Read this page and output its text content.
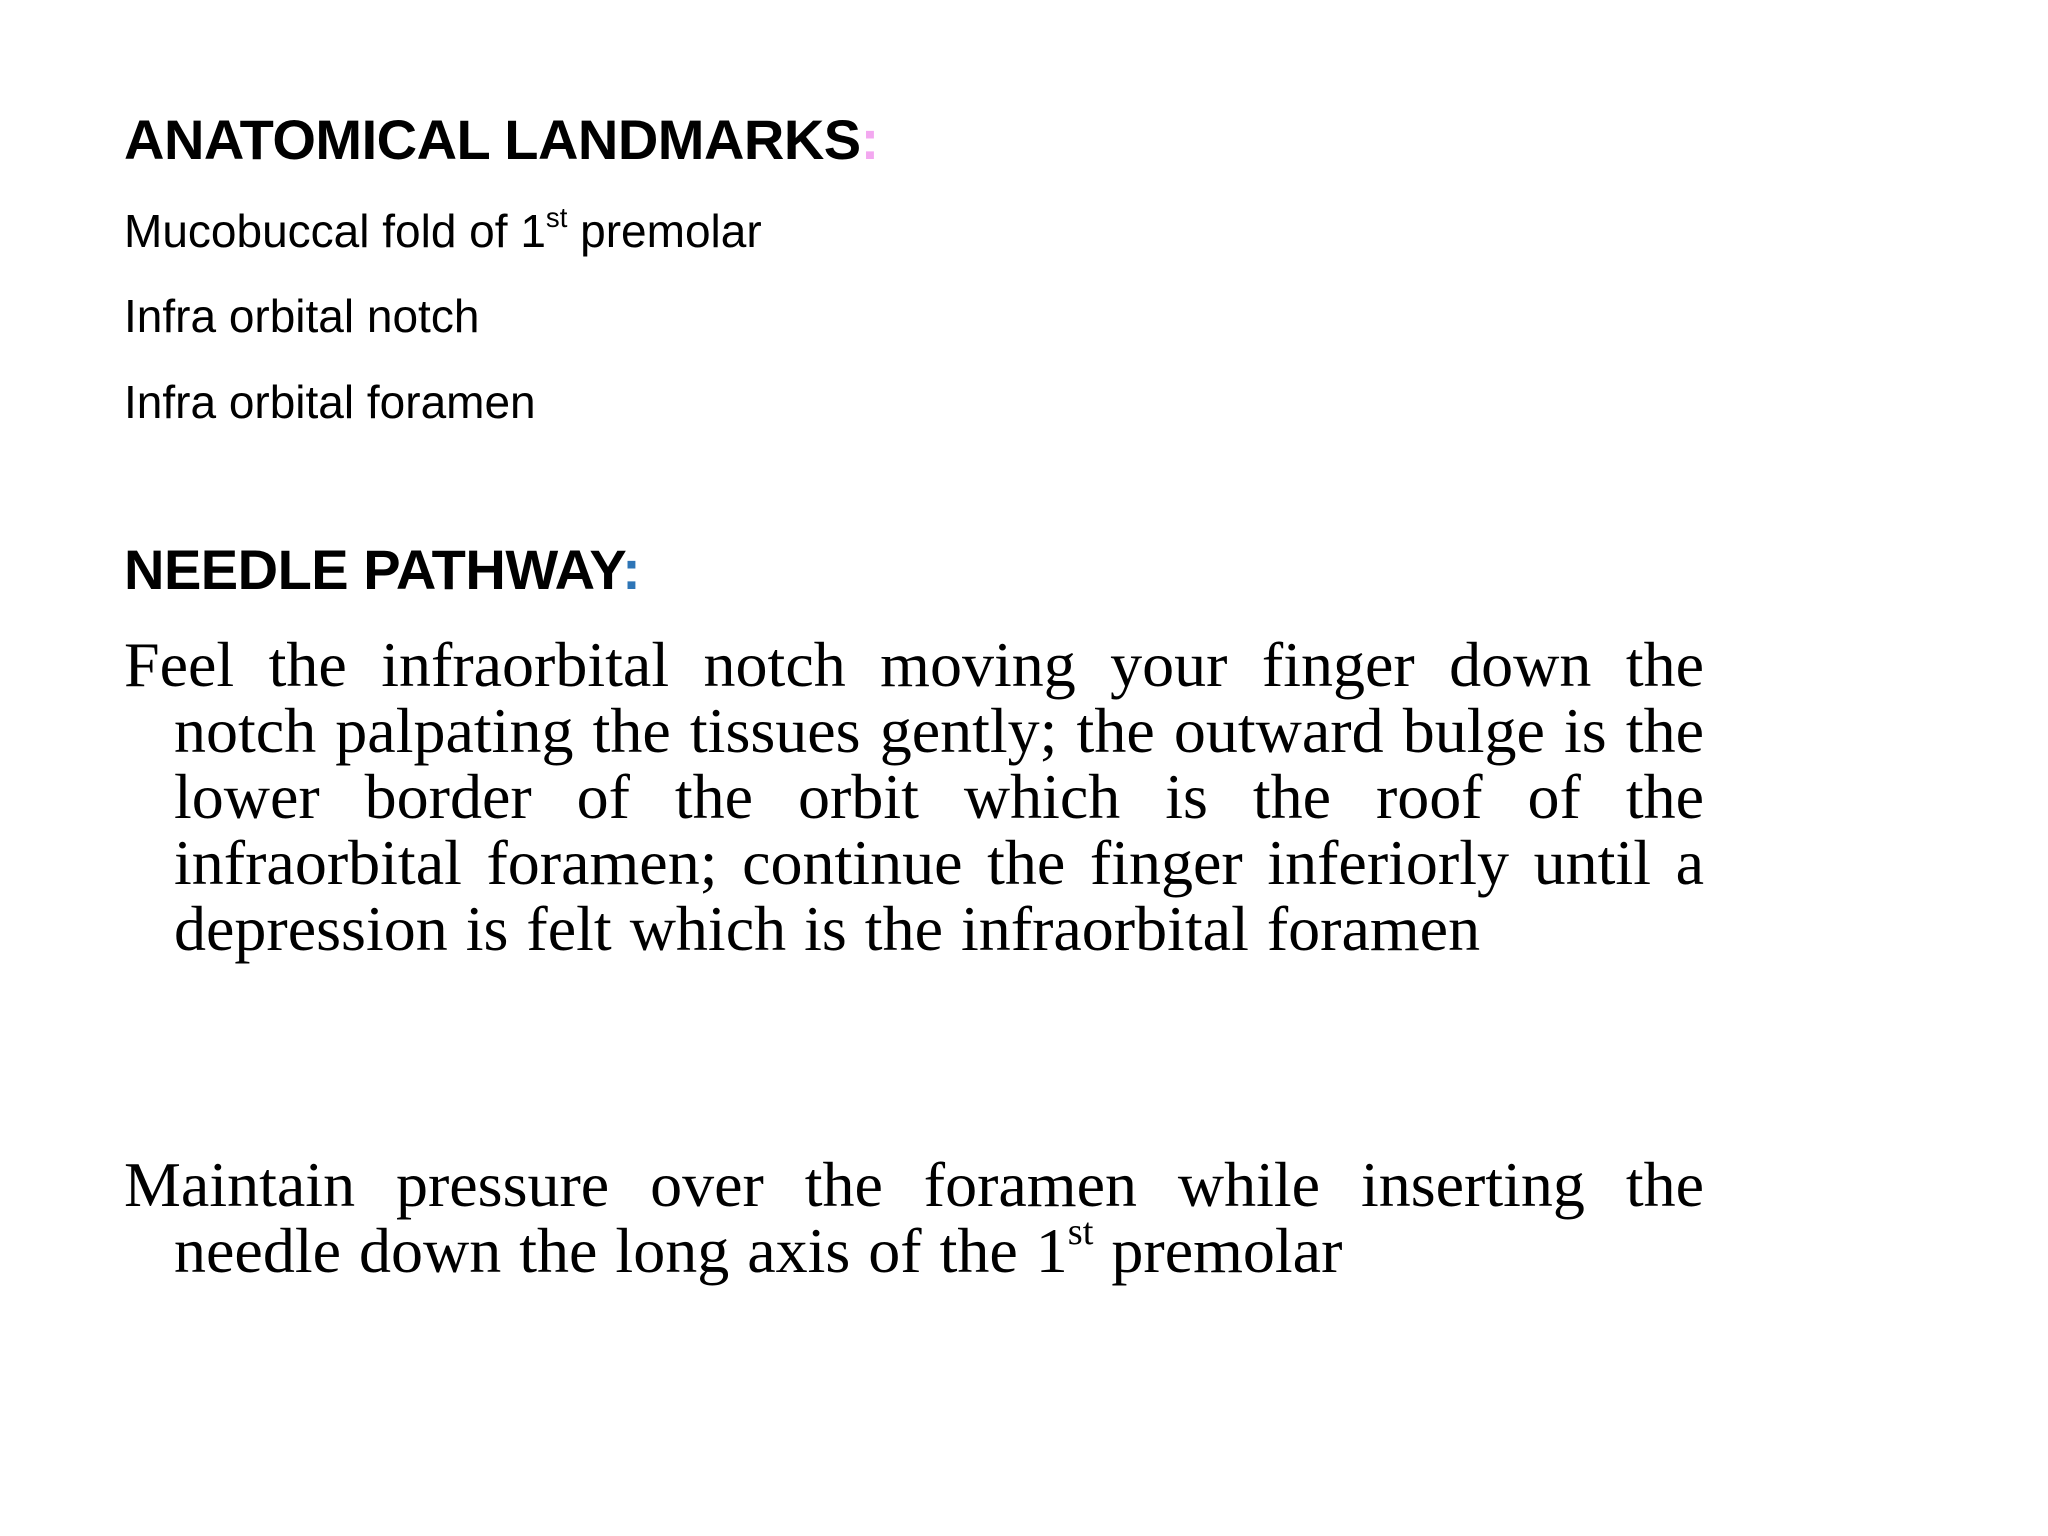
ANATOMICAL LANDMARKS:
Mucobuccal fold of 1st premolar
Infra orbital notch
Infra orbital foramen
NEEDLE PATHWAY:
Feel the infraorbital notch moving your finger down the notch palpating the tissues gently; the outward bulge is the lower border of the orbit which is the roof of the infraorbital foramen; continue the finger inferiorly until a depression is felt which is the infraorbital foramen
Maintain pressure over the foramen while inserting the needle down the long axis of the 1st premolar
